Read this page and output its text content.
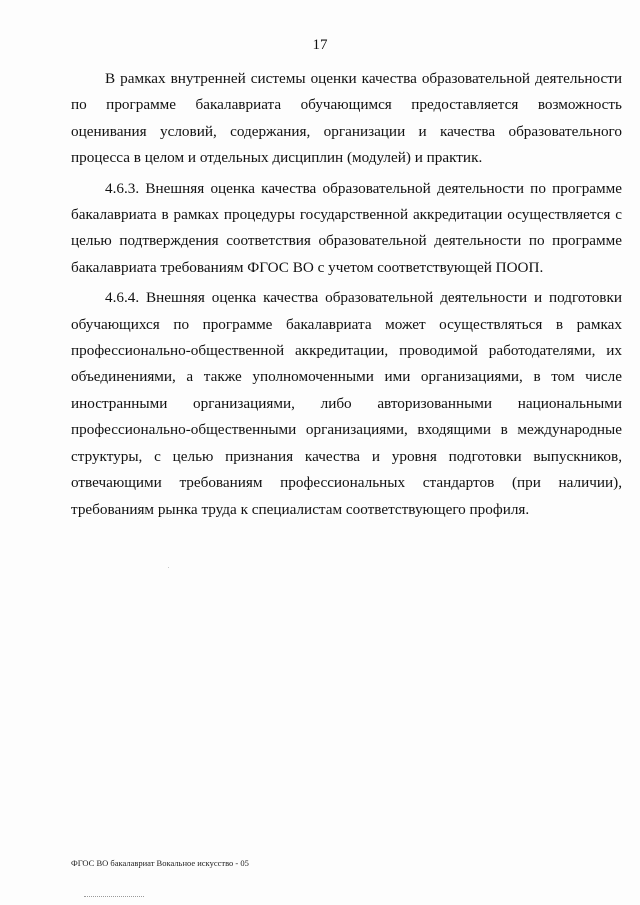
17

В рамках внутренней системы оценки качества образовательной деятельности по программе бакалавриата обучающимся предоставляется возможность оценивания условий, содержания, организации и качества образовательного процесса в целом и отдельных дисциплин (модулей) и практик.

4.6.3. Внешняя оценка качества образовательной деятельности по программе бакалавриата в рамках процедуры государственной аккредитации осуществляется с целью подтверждения соответствия образовательной деятельности по программе бакалавриата требованиям ФГОС ВО с учетом соответствующей ПООП.

4.6.4. Внешняя оценка качества образовательной деятельности и подготовки обучающихся по программе бакалавриата может осуществляться в рамках профессионально-общественной аккредитации, проводимой работодателями, их объединениями, а также уполномоченными ими организациями, в том числе иностранными организациями, либо авторизованными национальными профессионально-общественными организациями, входящими в международные структуры, с целью признания качества и уровня подготовки выпускников, отвечающими требованиям профессиональных стандартов (при наличии), требованиям рынка труда к специалистам соответствующего профиля.

ФГОС ВО бакалавриат Вокальное искусство - 05
